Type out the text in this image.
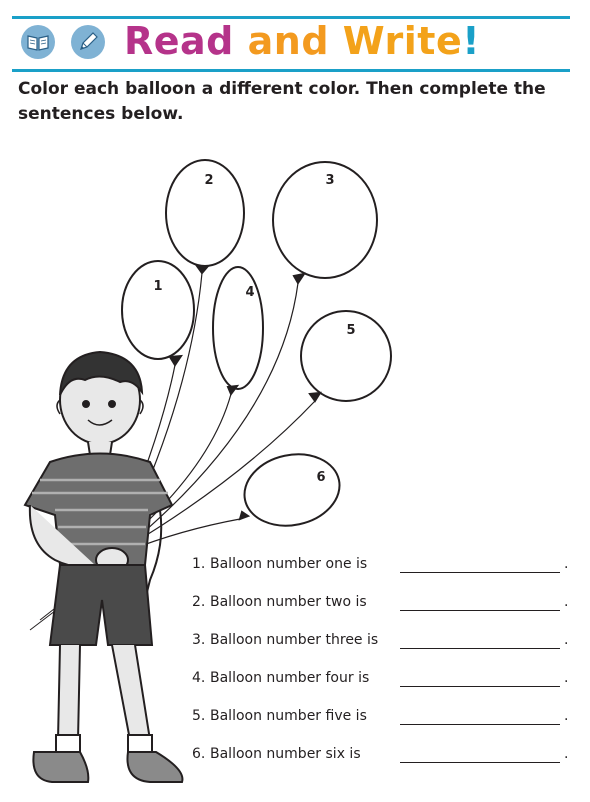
Read and Write!
Color each balloon a different color. Then complete the sentences below.
1
2	3
4
5
6
1. Balloon number one is	.
2. Balloon number two is	.
3. Balloon number three is	.
4. Balloon number four is	.
5. Balloon number five is	.
6. Balloon number six is	.
